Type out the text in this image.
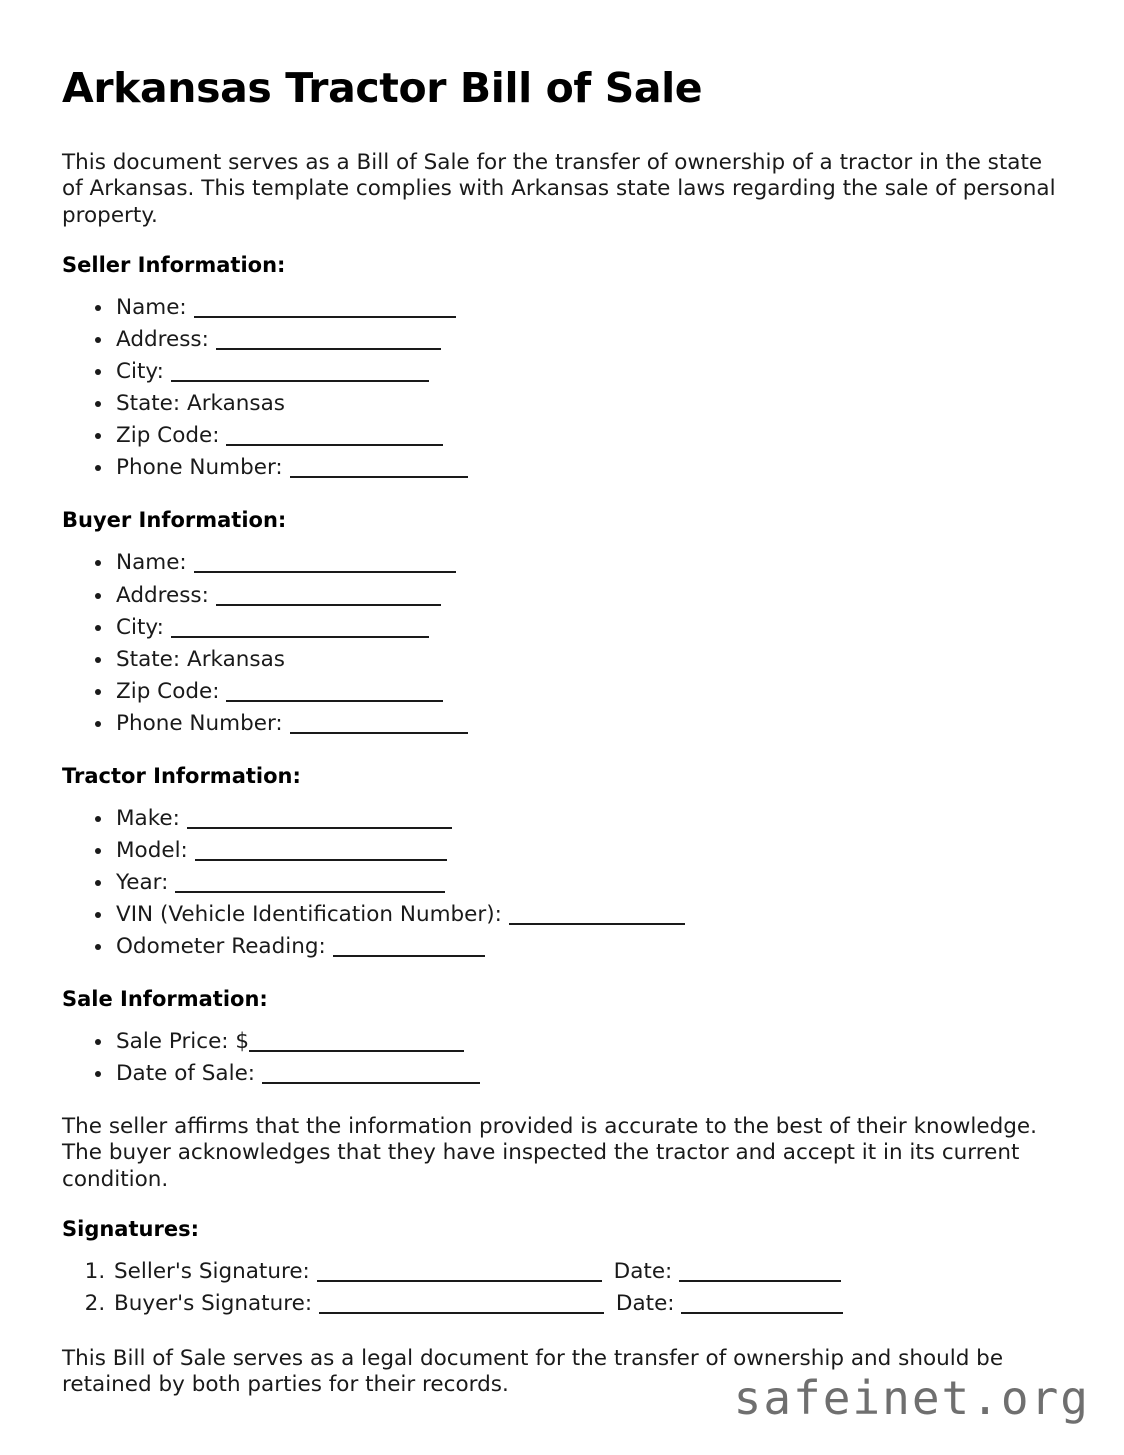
Arkansas Tractor Bill of Sale

This document serves as a Bill of Sale for the transfer of ownership of a tractor in the state of Arkansas. This template complies with Arkansas state laws regarding the sale of personal property.

Seller Information:
• Name:
• Address:
• City:
• State: Arkansas
• Zip Code:
• Phone Number:
Buyer Information:
• Name:
• Address:
• City:
• State: Arkansas
• Zip Code:
• Phone Number:
Tractor Information:
• Make:
• Model:
• Year:
• VIN (Vehicle Identification Number):
• Odometer Reading:
Sale Information:
• Sale Price: $
• Date of Sale:

The seller affirms that the information provided is accurate to the best of their knowledge. The buyer acknowledges that they have inspected the tractor and accept it in its current condition.

Signatures:
1. Seller's Signature:	Date:
2. Buyer's Signature:	Date:

This Bill of Sale serves as a legal document for the transfer of ownership and should be retained by both parties for their records.	safeinet.org
